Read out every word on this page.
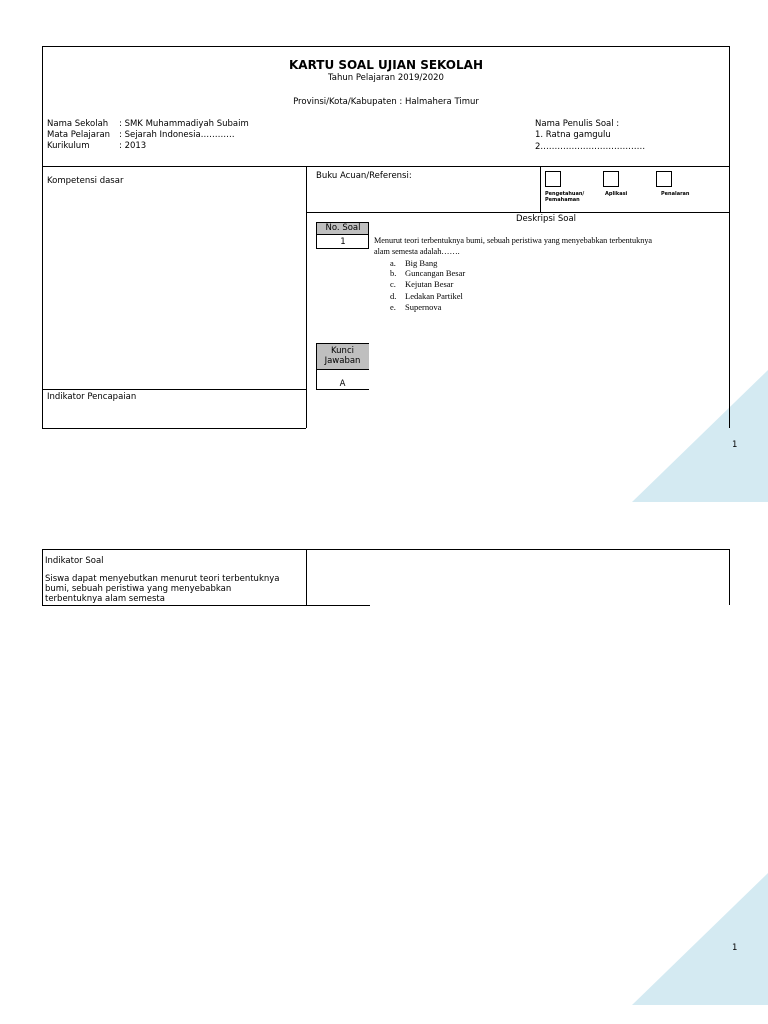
KARTU SOAL UJIAN SEKOLAH
Tahun Pelajaran 2019/2020
Provinsi/Kota/Kabupaten : Halmahera Timur
Nama Sekolah : SMK Muhammadiyah Subaim
Mata Pelajaran : Sejarah Indonesia…………
Kurikulum	: 2013
Nama Penulis Soal :
1. Ratna gamgulu
2.………………………………
Kompetensi dasar	Buku Acuan/Referensi:
Indikator Pencapaian
Pengetahuan/
Pemahaman
Aplikasi	Penalaran
Deskripsi Soal
No. Soal
1	Menurut teori terbentuknya bumi, sebuah peristiwa yang menyebabkan terbentuknya
alam semesta adalah…….
a. Big Bang
b. Guncangan Besar
c. Kejutan Besar
d. Ledakan Partikel
e. Supernova
Kunci
Jawaban
A
1
Indikator Soal
Siswa dapat menyebutkan menurut teori terbentuknya
bumi, sebuah peristiwa yang menyebabkan
terbentuknya alam semesta
1
